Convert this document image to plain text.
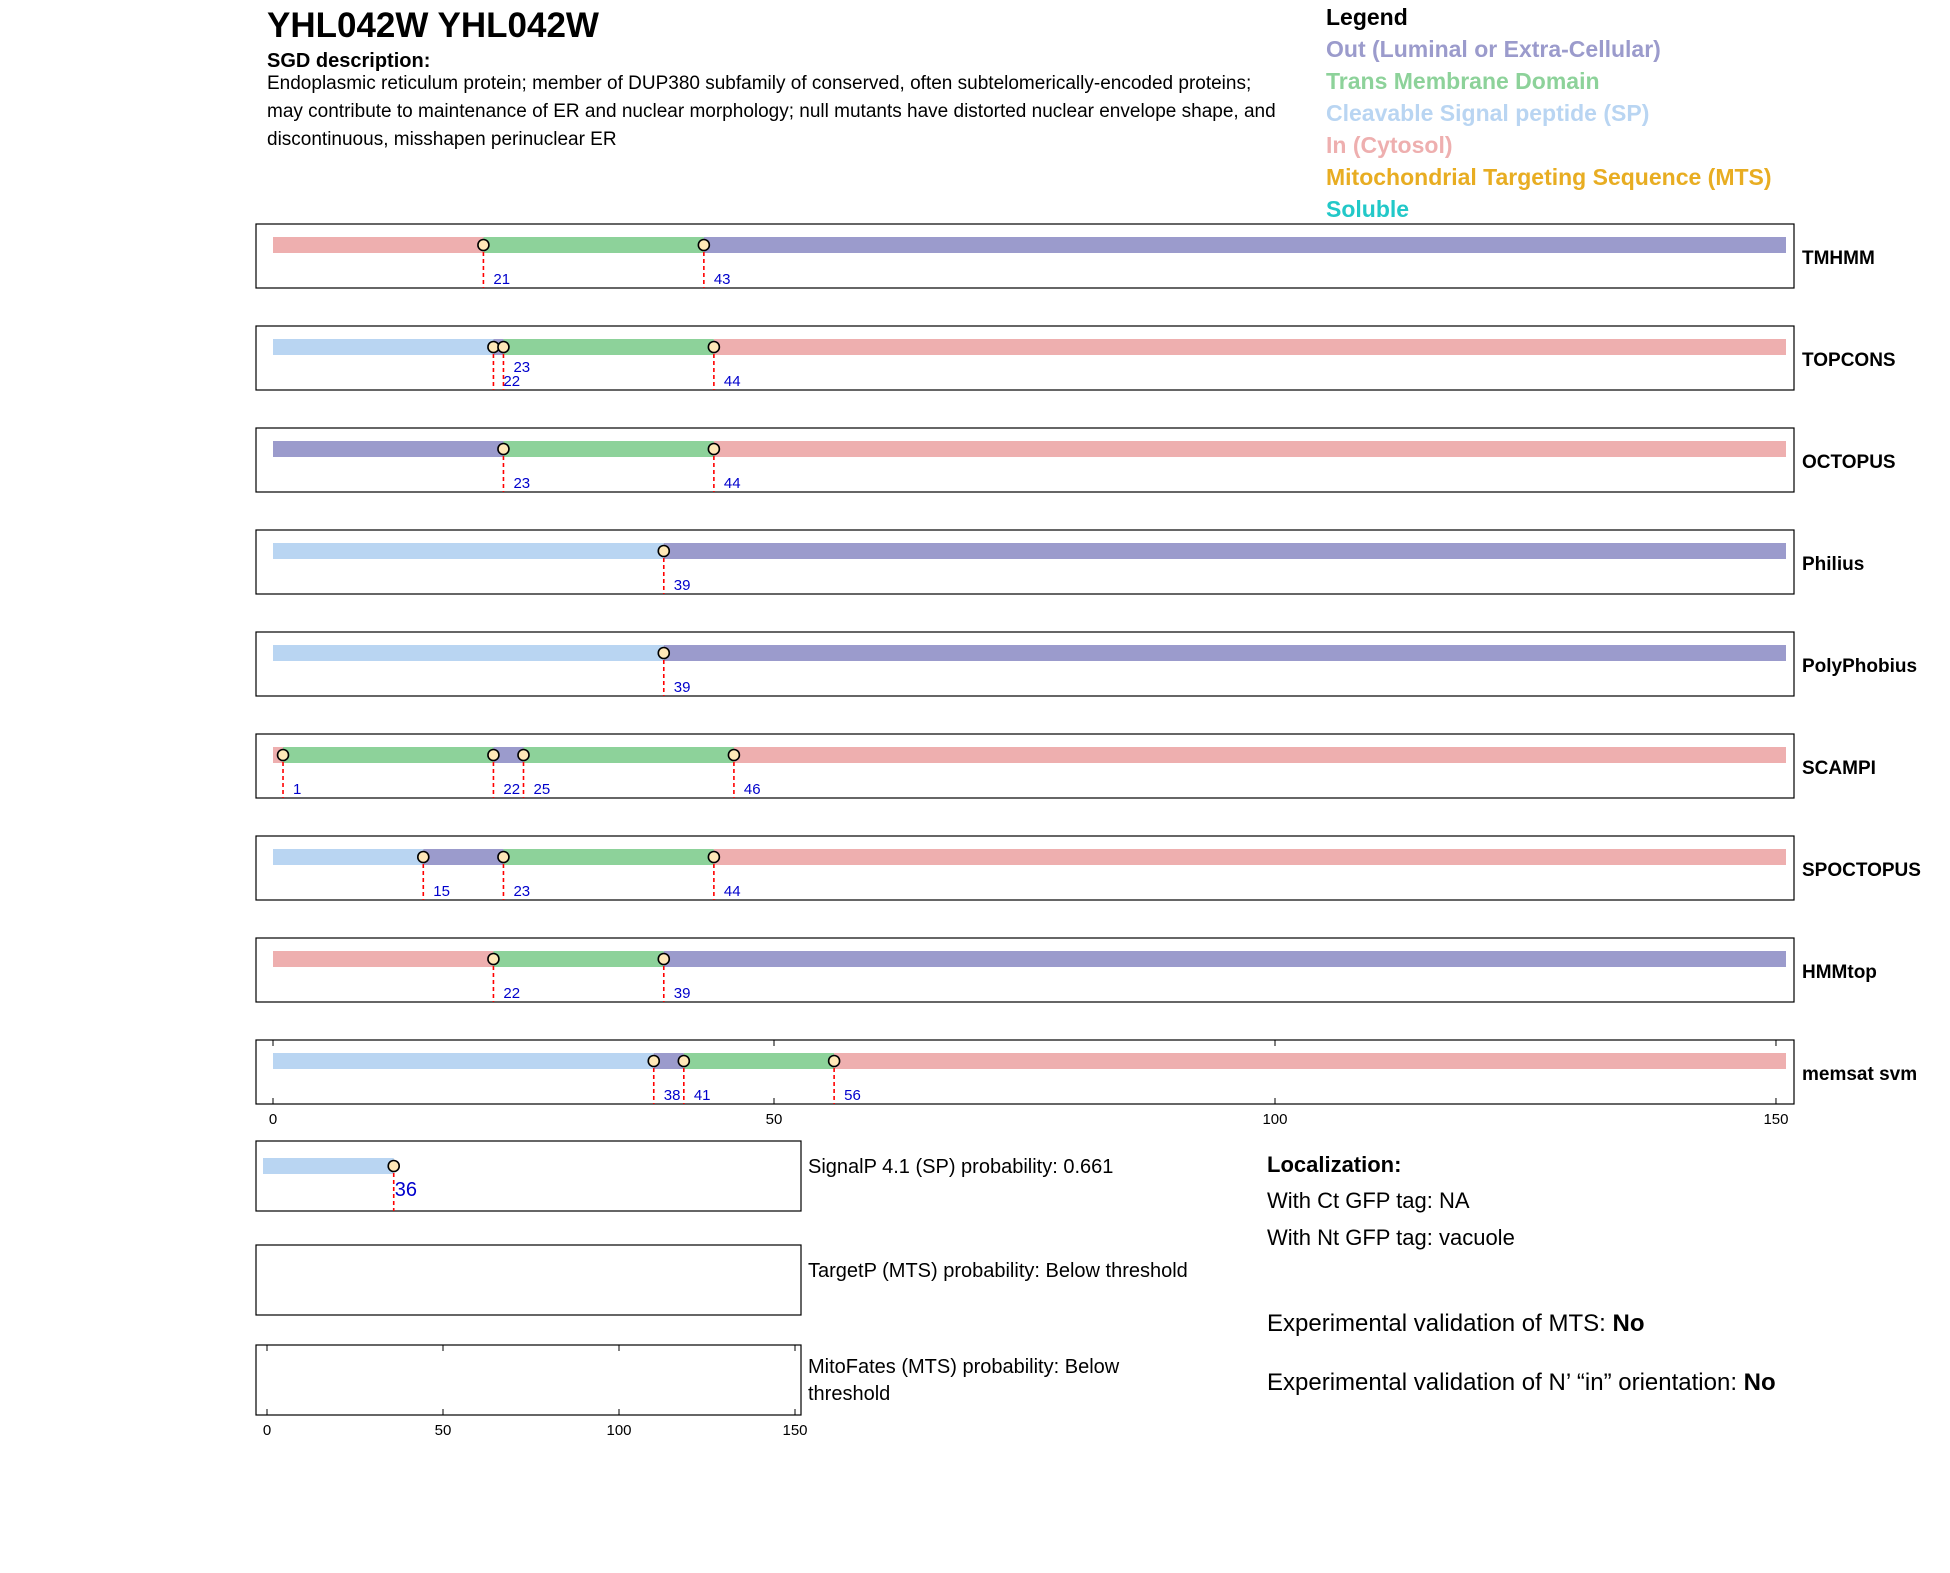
YHL042W YHL042W
SGD description:
Endoplasmic reticulum protein; member of DUP380 subfamily of conserved, often subtelomerically-encoded proteins; may contribute to maintenance of ER and nuclear morphology; null mutants have distorted nuclear envelope shape, and discontinuous, misshapen perinuclear ER
Legend
Out (Luminal or Extra-Cellular)
Trans Membrane Domain
Cleavable Signal peptide (SP)
In (Cytosol)
Mitochondrial Targeting Sequence (MTS)
Soluble
21	43
TMHMM
22
23
44
TOPCONS
23	44
OCTOPUS
39
Philius
39
PolyPhobius
1	22 25	46
SCAMPI
15	23	44
SPOCTOPUS
22	39
HMMtop
38 41	56
memsat svm
0	50	100	150
36
0	50	100	150
SignalP 4.1 (SP) probability: 0.661
TargetP (MTS) probability: Below threshold
MitoFates (MTS) probability: Below
threshold
Localization:
With Ct GFP tag: NA
With Nt GFP tag: vacuole
Experimental validation of MTS: No
Experimental validation of N’ “in” orientation: No
